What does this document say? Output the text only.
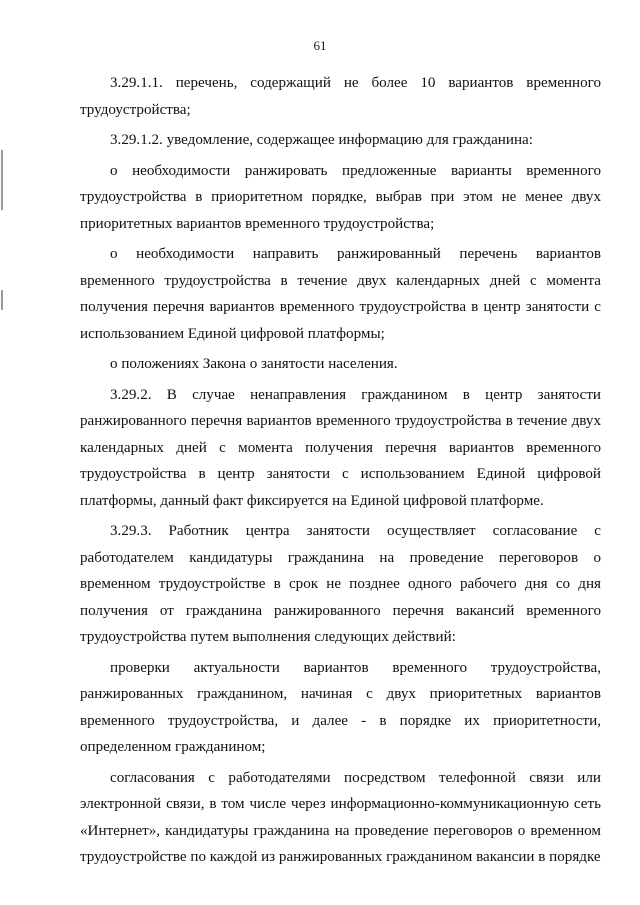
61

3.29.1.1. перечень, содержащий не более 10 вариантов временного трудоустройства;

3.29.1.2. уведомление, содержащее информацию для гражданина:

о необходимости ранжировать предложенные варианты временного трудоустройства в приоритетном порядке, выбрав при этом не менее двух приоритетных вариантов временного трудоустройства;

о необходимости направить ранжированный перечень вариантов временного трудоустройства в течение двух календарных дней с момента получения перечня вариантов временного трудоустройства в центр занятости с использованием Единой цифровой платформы;

о положениях Закона о занятости населения.

3.29.2. В случае ненаправления гражданином в центр занятости ранжированного перечня вариантов временного трудоустройства в течение двух календарных дней с момента получения перечня вариантов временного трудоустройства в центр занятости с использованием Единой цифровой платформы, данный факт фиксируется на Единой цифровой платформе.

3.29.3. Работник центра занятости осуществляет согласование с работодателем кандидатуры гражданина на проведение переговоров о временном трудоустройстве в срок не позднее одного рабочего дня со дня получения от гражданина ранжированного перечня вакансий временного трудоустройства путем выполнения следующих действий:

проверки актуальности вариантов временного трудоустройства, ранжированных гражданином, начиная с двух приоритетных вариантов временного трудоустройства, и далее - в порядке их приоритетности, определенном гражданином;

согласования с работодателями посредством телефонной связи или электронной связи, в том числе через информационно-коммуникационную сеть «Интернет», кандидатуры гражданина на проведение переговоров о временном трудоустройстве по каждой из ранжированных гражданином вакансии в порядке
